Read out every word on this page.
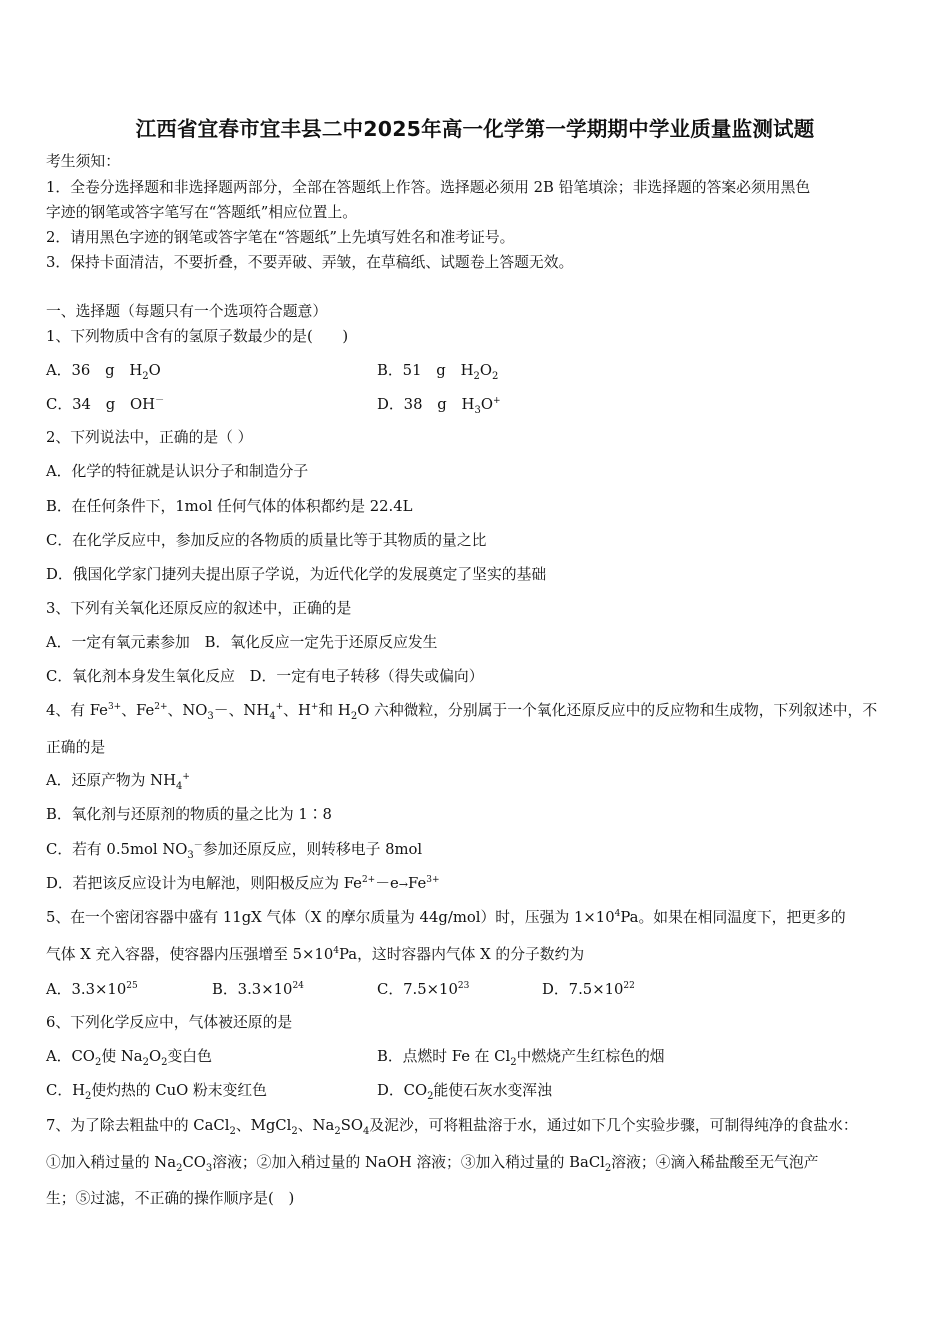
江西省宜春市宜丰县二中2025年高一化学第一学期期中学业质量监测试题
考生须知：
1．全卷分选择题和非选择题两部分，全部在答题纸上作答。选择题必须用 2B 铅笔填涂；非选择题的答案必须用黑色
字迹的钢笔或答字笔写在“答题纸”相应位置上。
2．请用黑色字迹的钢笔或答字笔在“答题纸”上先填写姓名和准考证号。
3．保持卡面清洁，不要折叠，不要弄破、弄皱，在草稿纸、试题卷上答题无效。
一、选择题（每题只有一个选项符合题意）
1、下列物质中含有的氢原子数最少的是(　　)
A．36　g　$H_2O$	B．51　g　$H_2O_2$
C．34　g　OH－	D．38　g　$H_3O^+$
2、下列说法中，正确的是（ ）
A．化学的特征就是认识分子和制造分子
B．在任何条件下，1mol 任何气体的体积都约是 22.4L
C．在化学反应中，参加反应的各物质的质量比等于其物质的量之比
D．俄国化学家门捷列夫提出原子学说，为近代化学的发展奠定了坚实的基础
3、下列有关氧化还原反应的叙述中，正确的是
A．一定有氧元素参加　B．氧化反应一定先于还原反应发生
C．氧化剂本身发生氧化反应　D．一定有电子转移（得失或偏向）
4、有 $Fe^{3+}$、$Fe^{2+}$、$NO_3-$、$NH_4^+$、H+和 $H_2O$ 六种微粒，分别属于一个氧化还原反应中的反应物和生成物，下列叙述中，不
正确的是
A．还原产物为 $NH_4^+$
B．氧化剂与还原剂的物质的量之比为 1∶8
C．若有 0.5mol $NO_3^-$参加还原反应，则转移电子 8mol
D．若把该反应设计为电解池，则阳极反应为 $Fe^{2+}-e\to Fe^{3+}$
5、在一个密闭容器中盛有 11gX 气体（X 的摩尔质量为 44g/mol）时，压强为 $1\times 10^4Pa$。如果在相同温度下，把更多的
气体 X 充入容器，使容器内压强增至 $5\times 10^4Pa$，这时容器内气体 X 的分子数约为
A．$3.3\times 10^{25}$	B．$3.3\times 10^{24}$	C．$7.5\times 10^{23}$	D．$7.5\times 10^{22}$
6、下列化学反应中，气体被还原的是
A．$CO_2$使 $Na_2O_2$变白色	B．点燃时 Fe 在 $Cl_2$中燃烧产生红棕色的烟
C．$H_2$使灼热的 CuO 粉末变红色	D．$CO_2$能使石灰水变浑浊
7、为了除去粗盐中的 CaCl$_2$、MgCl$_2$、$Na_2SO_4$及泥沙，可将粗盐溶于水，通过如下几个实验步骤，可制得纯净的食盐水：
①加入稍过量的 $Na_2CO_3$溶液；②加入稍过量的 NaOH 溶液；③加入稍过量的 BaCl$_2$溶液；④滴入稀盐酸至无气泡产
生；⑤过滤，不正确的操作顺序是(　)
